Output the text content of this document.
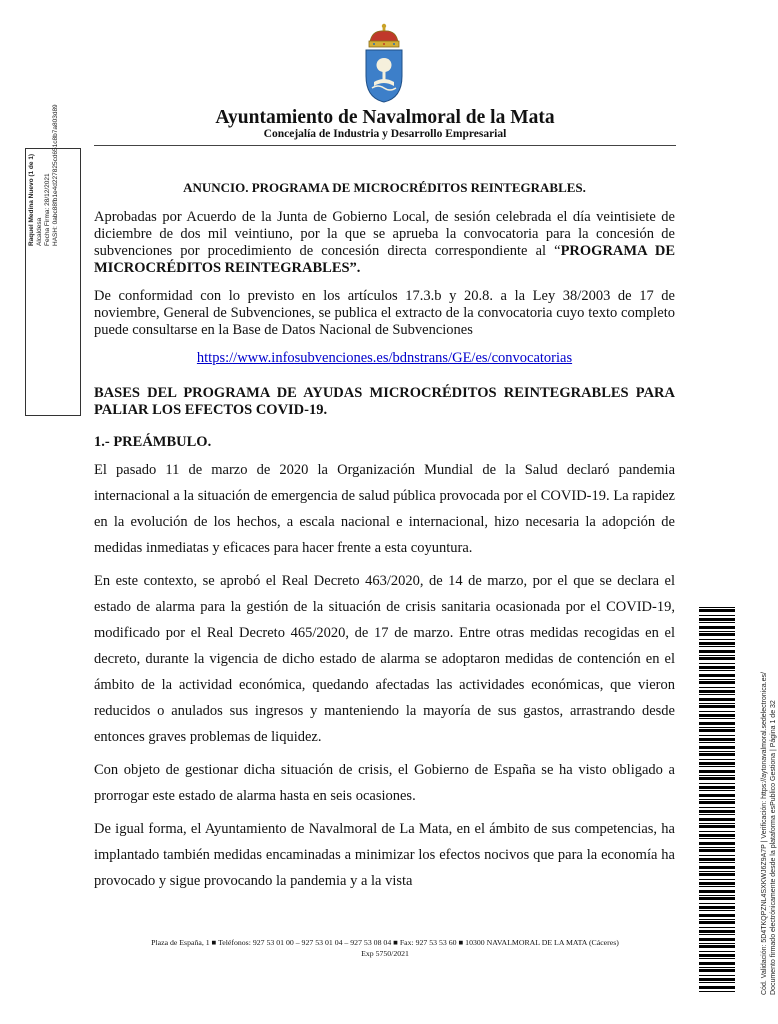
Ayuntamiento de Navalmoral de la Mata
Concejalía de Industria y Desarrollo Empresarial
Raquel Medina Nuevo (1 de 1) Alcaldesa Fecha Firma: 28/12/2021 HASH: 0abc88fb1e4d227825cd651c8b7a803d89	ANUNCIO. PROGRAMA DE MICROCRÉDITOS REINTEGRABLES.

Aprobadas por Acuerdo de la Junta de Gobierno Local, de sesión celebrada el día veintisiete de diciembre de dos mil veintiuno, por la que se aprueba la convocatoria para la concesión de subvenciones por procedimiento de concesión directa correspondiente al “PROGRAMA DE MICROCRÉDITOS REINTEGRABLES”.

De conformidad con lo previsto en los artículos 17.3.b y 20.8. a la Ley 38/2003 de 17 de noviembre, General de Subvenciones, se publica el extracto de la convocatoria cuyo texto completo puede consultarse en la Base de Datos Nacional de Subvenciones

https://www.infosubvenciones.es/bdnstrans/GE/es/convocatorias

BASES DEL PROGRAMA DE AYUDAS MICROCRÉDITOS REINTEGRABLES PARA PALIAR LOS EFECTOS COVID-19.

1.- PREÁMBULO.

El pasado 11 de marzo de 2020 la Organización Mundial de la Salud declaró pandemia internacional a la situación de emergencia de salud pública provocada por el COVID-19. La rapidez en la evolución de los hechos, a escala nacional e internacional, hizo necesaria la adopción de medidas inmediatas y eficaces para hacer frente a esta coyuntura.

En este contexto, se aprobó el Real Decreto 463/2020, de 14 de marzo, por el que se declara el estado de alarma para la gestión de la situación de crisis sanitaria ocasionada por el COVID-19, modificado por el Real Decreto 465/2020, de 17 de marzo. Entre otras medidas recogidas en el decreto, durante la vigencia de dicho estado de alarma se adoptaron medidas de contención en el ámbito de la actividad económica, quedando afectadas las actividades económicas, que vieron reducidos o anulados sus ingresos y manteniendo la mayoría de sus gastos, arrastrando desde entonces graves problemas de liquidez.

Con objeto de gestionar dicha situación de crisis, el Gobierno de España se ha visto obligado a prorrogar este estado de alarma hasta en seis ocasiones.

De igual forma, el Ayuntamiento de Navalmoral de La Mata, en el ámbito de sus competencias, ha implantado también medidas encaminadas a minimizar los efectos nocivos que para la economía ha provocado y sigue provocando la pandemia y a la vista

Plaza de España, 1 ■ Teléfonos: 927 53 01 00 – 927 53 01 04 – 927 53 08 04 ■ Fax: 927 53 53 60 ■ 10300 NAVALMORAL DE LA MATA (Cáceres)
Exp 5750/2021	Cód. Validación: 5D4TKQPZNL4SXKWJ6Z9A7P | Verificación: https://aytonavalmoral.sedelectronica.es/ Documento firmado electrónicamente desde la plataforma esPublico Gestiona | Página 1 de 32
